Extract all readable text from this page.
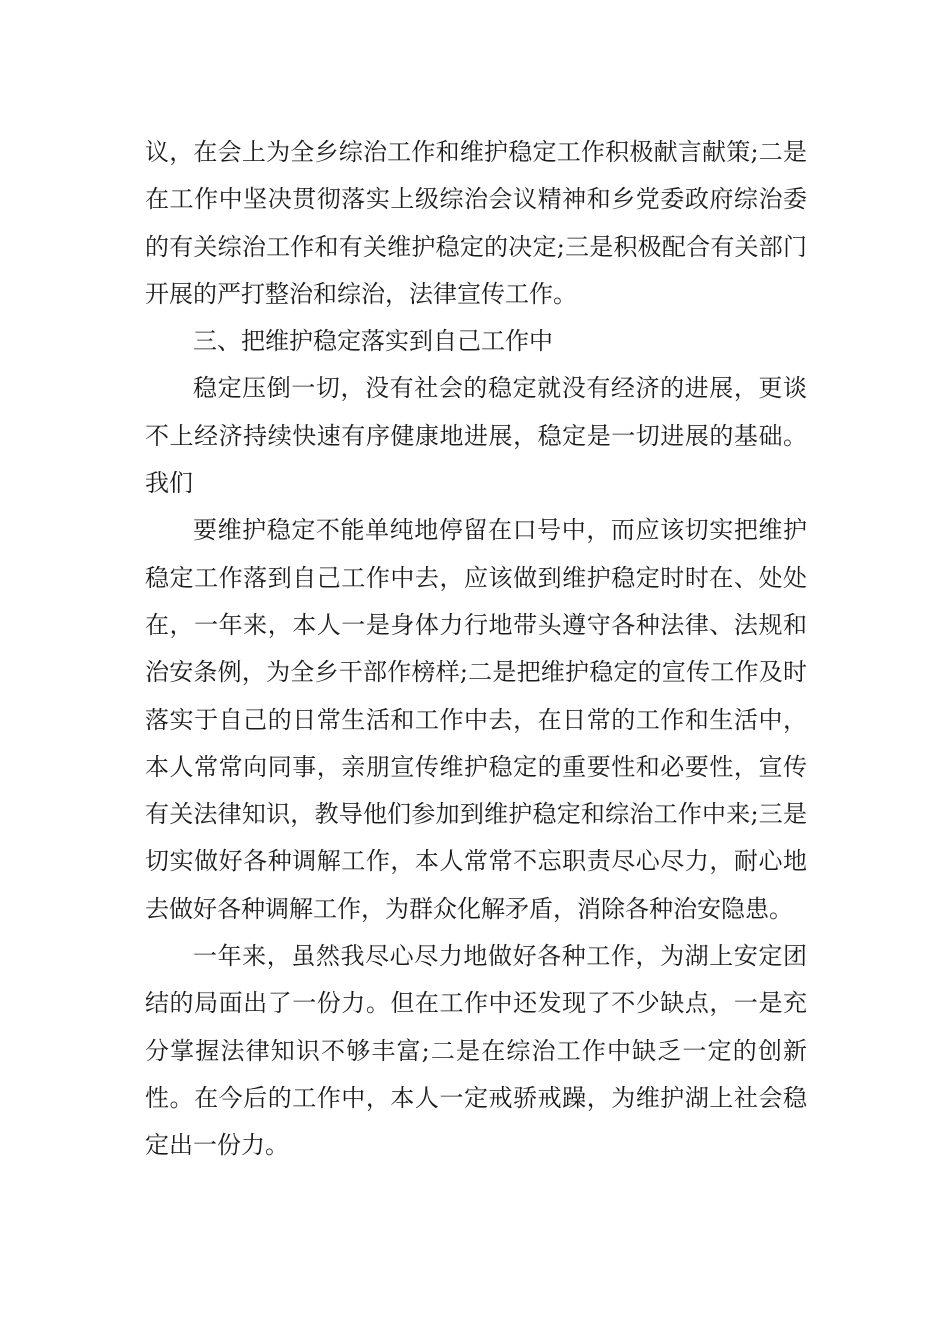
议，在会上为全乡综治工作和维护稳定工作积极献言献策;二是在工作中坚决贯彻落实上级综治会议精神和乡党委政府综治委的有关综治工作和有关维护稳定的决定;三是积极配合有关部门开展的严打整治和综治，法律宣传工作。

三、把维护稳定落实到自己工作中

稳定压倒一切，没有社会的稳定就没有经济的进展，更谈不上经济持续快速有序健康地进展，稳定是一切进展的基础。我们

要维护稳定不能单纯地停留在口号中，而应该切实把维护稳定工作落到自己工作中去，应该做到维护稳定时时在、处处在，一年来，本人一是身体力行地带头遵守各种法律、法规和治安条例，为全乡干部作榜样;二是把维护稳定的宣传工作及时落实于自己的日常生活和工作中去，在日常的工作和生活中，本人常常向同事，亲朋宣传维护稳定的重要性和必要性，宣传有关法律知识，教导他们参加到维护稳定和综治工作中来;三是切实做好各种调解工作，本人常常不忘职责尽心尽力，耐心地去做好各种调解工作，为群众化解矛盾，消除各种治安隐患。

一年来，虽然我尽心尽力地做好各种工作，为湖上安定团结的局面出了一份力。但在工作中还发现了不少缺点，一是充分掌握法律知识不够丰富;二是在综治工作中缺乏一定的创新性。在今后的工作中，本人一定戒骄戒躁，为维护湖上社会稳定出一份力。
